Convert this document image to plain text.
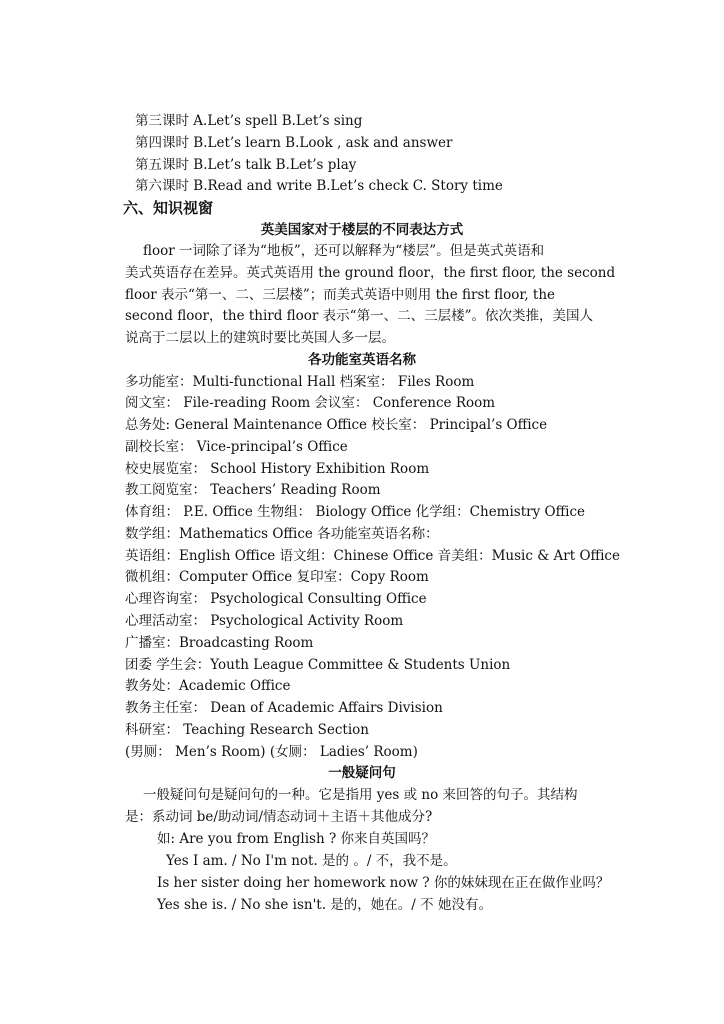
第三课时 A.Let’s spell B.Let’s sing
第四课时 B.Let’s learn B.Look , ask and answer
第五课时 B.Let’s talk B.Let’s play
第六课时 B.Read and write B.Let’s check C. Story time
六、知识视窗
英美国家对于楼层的不同表达方式
floor 一词除了译为“地板”，还可以解释为“楼层”。但是英式英语和
美式英语存在差异。英式英语用 the ground floor，the first floor, the second
floor 表示“第一、二、三层楼”；而美式英语中则用 the first floor, the
second floor，the third floor 表示“第一、二、三层楼”。依次类推，美国人
说高于二层以上的建筑时要比英国人多一层。
各功能室英语名称
多功能室：Multi-functional Hall 档案室： Files Room
阅文室： File-reading Room 会议室： Conference Room
总务处: General Maintenance Office 校长室： Principal’s Office
副校长室： Vice-principal’s Office
校史展览室： School History Exhibition Room
教工阅览室： Teachers’ Reading Room
体育组： P.E. Office 生物组： Biology Office 化学组：Chemistry Office
数学组：Mathematics Office 各功能室英语名称：
英语组：English Office 语文组：Chinese Office 音美组：Music & Art Office
微机组：Computer Office 复印室：Copy Room
心理咨询室： Psychological Consulting Office
心理活动室： Psychological Activity Room
广播室：Broadcasting Room
团委 学生会：Youth League Committee & Students Union
教务处：Academic Office
教务主任室： Dean of Academic Affairs Division
科研室： Teaching Research Section
(男厕： Men’s Room) (女厕： Ladies’ Room)
一般疑问句
一般疑问句是疑问句的一种。它是指用 yes 或 no 来回答的句子。其结构
是：系动词 be/助动词/情态动词＋主语＋其他成分?
如: Are you from English ? 你来自英国吗？
Yes I am. / No I'm not. 是的 。/ 不，我不是。
Is her sister doing her homework now ? 你的妹妹现在正在做作业吗？
Yes she is. / No she isn't. 是的，她在。/ 不 她没有。
